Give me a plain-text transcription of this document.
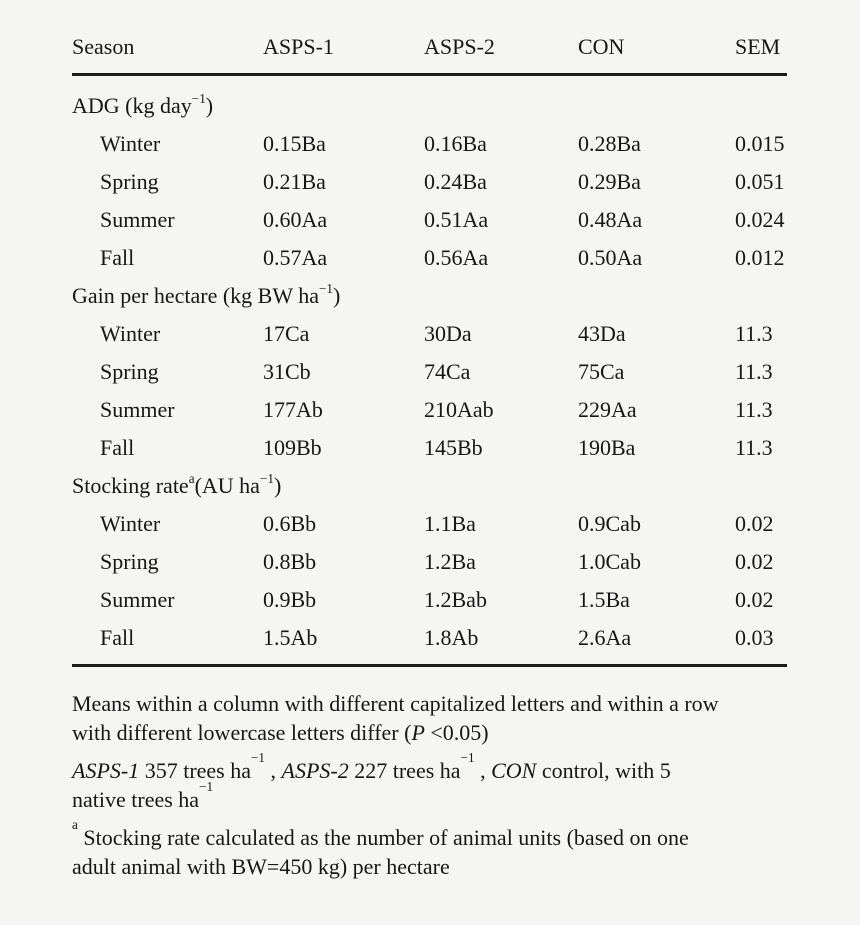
Season	ASPS-1	ASPS-2	CON	SEM
ADG (kg day$^{-1}$ )
Winter	0.15Ba	0.16Ba	0.28Ba	0.015
Spring	0.21Ba	0.24Ba	0.29Ba	0.051
Summer	0.60Aa	0.51Aa	0.48Aa	0.024
Fall	0.57Aa	0.56Aa	0.50Aa	0.012
Gain per hectare (kg BW $ha^{-1}$ )
Winter	17Ca	30Da	43Da	11.3
Spring	31Cb	74Ca	75Ca	11.3
Summer	177Ab	210Aab	229Aa	11.3
Fall	109Bb	145Bb	190Ba	11.3
Stocking rate$^a$ (AU $ha^{-1}$ )
Winter	0.6Bb	1.1Ba	0.9Cab	0.02
Spring	0.8Bb	1.2Ba	1.0Cab	0.02
Summer	0.9Bb	1.2Bab	1.5Ba	0.02
Fall	1.5Ab	1.8Ab	2.6Aa	0.03

Means within a column with different capitalized letters and within a row
with different lowercase letters differ (P <0.05)

ASPS-1 357 trees $ha^{-1}$ , ASPS-2 227 trees $ha^{-1}$ , CON control, with 5
native trees $ha^{-1}$

$^a$ Stocking rate calculated as the number of animal units (based on one
adult animal with BW=450 kg) per hectare
